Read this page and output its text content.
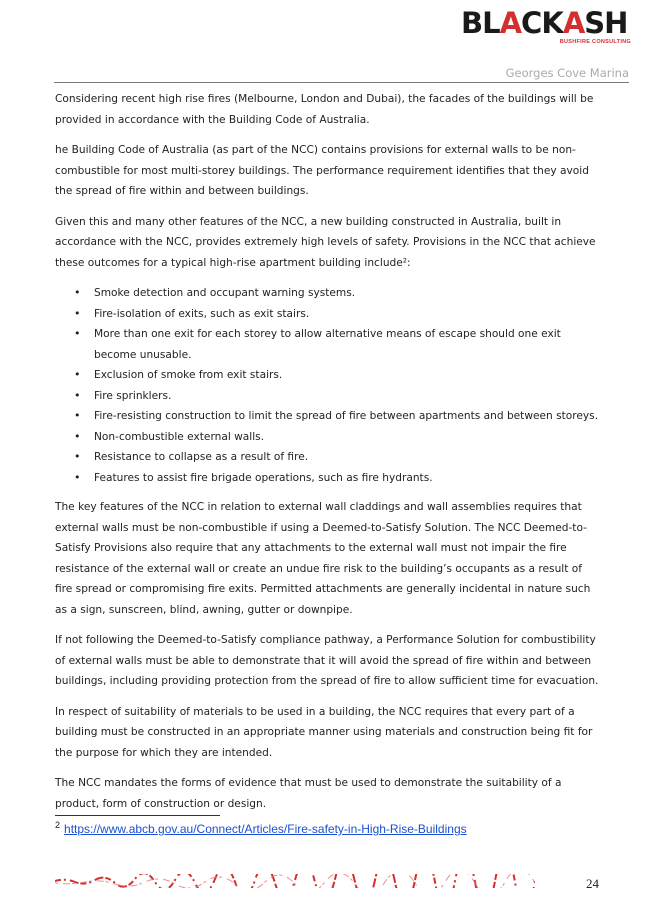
BLACKASH
BUSHFIRE CONSULTING
Georges Cove Marina

Considering recent high rise fires (Melbourne, London and Dubai), the facades of the buildings will be provided in accordance with the Building Code of Australia.

he Building Code of Australia (as part of the NCC) contains provisions for external walls to be non-combustible for most multi-storey buildings. The performance requirement identifies that they avoid the spread of fire within and between buildings.

Given this and many other features of the NCC, a new building constructed in Australia, built in accordance with the NCC, provides extremely high levels of safety. Provisions in the NCC that achieve these outcomes for a typical high-rise apartment building include²:

• Smoke detection and occupant warning systems.
• Fire-isolation of exits, such as exit stairs.
• More than one exit for each storey to allow alternative means of escape should one exit become unusable.
• Exclusion of smoke from exit stairs.
• Fire sprinklers.
• Fire-resisting construction to limit the spread of fire between apartments and between storeys.
• Non-combustible external walls.
• Resistance to collapse as a result of fire.
• Features to assist fire brigade operations, such as fire hydrants.

The key features of the NCC in relation to external wall claddings and wall assemblies requires that external walls must be non-combustible if using a Deemed-to-Satisfy Solution. The NCC Deemed-to-Satisfy Provisions also require that any attachments to the external wall must not impair the fire resistance of the external wall or create an undue fire risk to the building’s occupants as a result of fire spread or compromising fire exits. Permitted attachments are generally incidental in nature such as a sign, sunscreen, blind, awning, gutter or downpipe.

If not following the Deemed-to-Satisfy compliance pathway, a Performance Solution for combustibility of external walls must be able to demonstrate that it will avoid the spread of fire within and between buildings, including providing protection from the spread of fire to allow sufficient time for evacuation.

In respect of suitability of materials to be used in a building, the NCC requires that every part of a building must be constructed in an appropriate manner using materials and construction being fit for the purpose for which they are intended.

The NCC mandates the forms of evidence that must be used to demonstrate the suitability of a product, form of construction or design.

$^2$ https://www.abcb.gov.au/Connect/Articles/Fire-safety-in-High-Rise-Buildings
24
